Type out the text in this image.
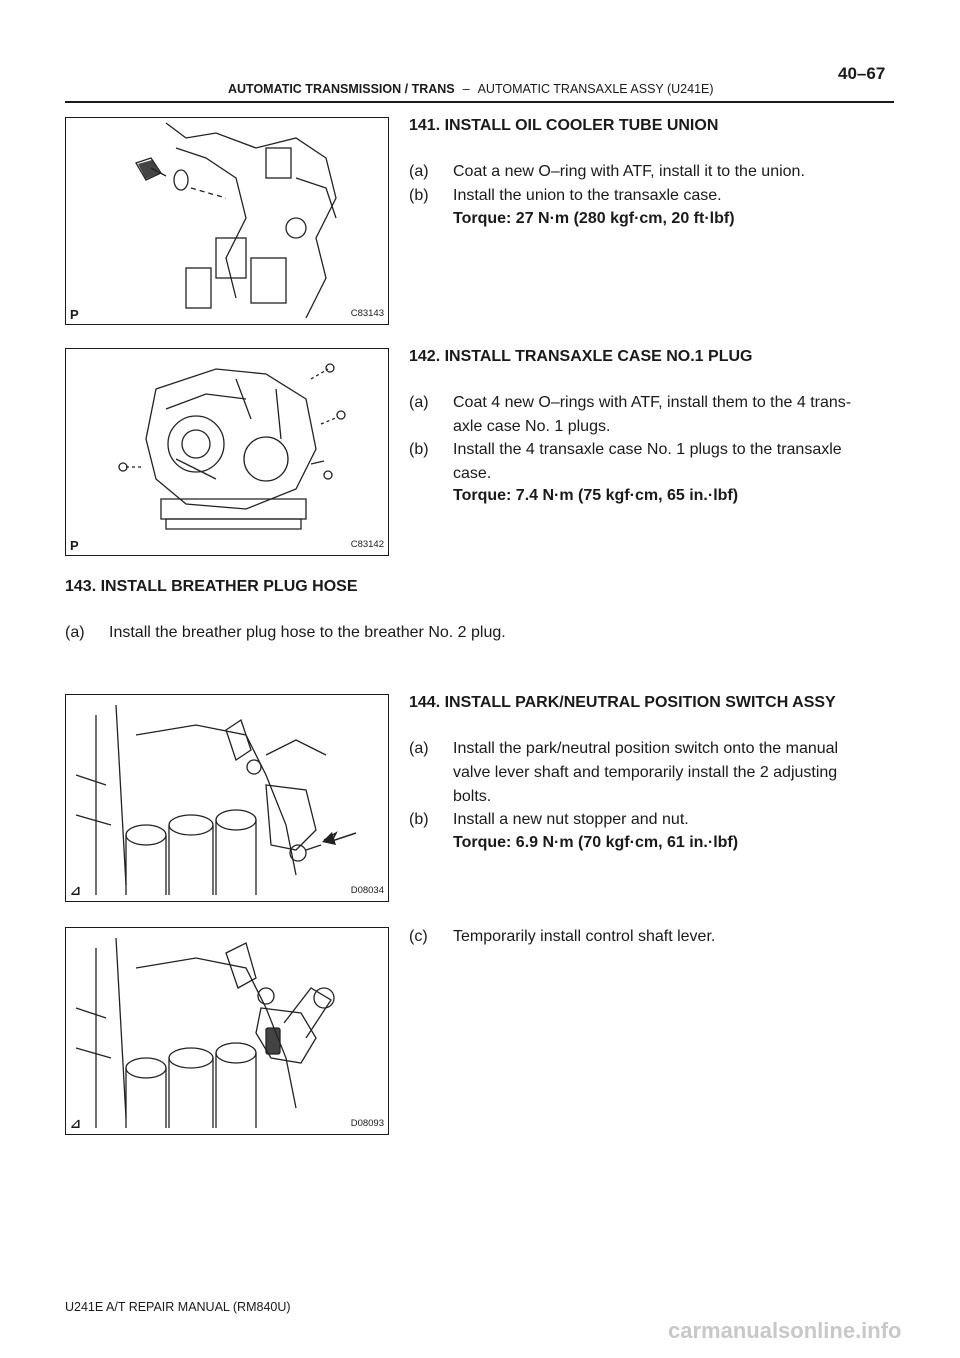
AUTOMATIC TRANSMISSION / TRANS – AUTOMATIC TRANSAXLE ASSY (U241E)
40–67
P	C83143
141. INSTALL OIL COOLER TUBE UNION
(a) Coat a new O–ring with ATF, install it to the union.
(b) Install the union to the transaxle case.
Torque: 27 N·m (280 kgf·cm, 20 ft·lbf)
P	C83142
142. INSTALL TRANSAXLE CASE NO.1 PLUG
(a) Coat 4 new O–rings with ATF, install them to the 4 trans-
axle case No. 1 plugs.
(b) Install the 4 transaxle case No. 1 plugs to the transaxle
case.
Torque: 7.4 N·m (75 kgf·cm, 65 in.·lbf)
143. INSTALL BREATHER PLUG HOSE
(a) Install the breather plug hose to the breather No. 2 plug.
⊿	D08034
144. INSTALL PARK/NEUTRAL POSITION SWITCH ASSY
(a) Install the park/neutral position switch onto the manual
valve lever shaft and temporarily install the 2 adjusting
bolts.
(b) Install a new nut stopper and nut.
Torque: 6.9 N·m (70 kgf·cm, 61 in.·lbf)
(c) Temporarily install control shaft lever.
⊿	D08093
U241E A/T REPAIR MANUAL (RM840U)
carmanualsonline.info
